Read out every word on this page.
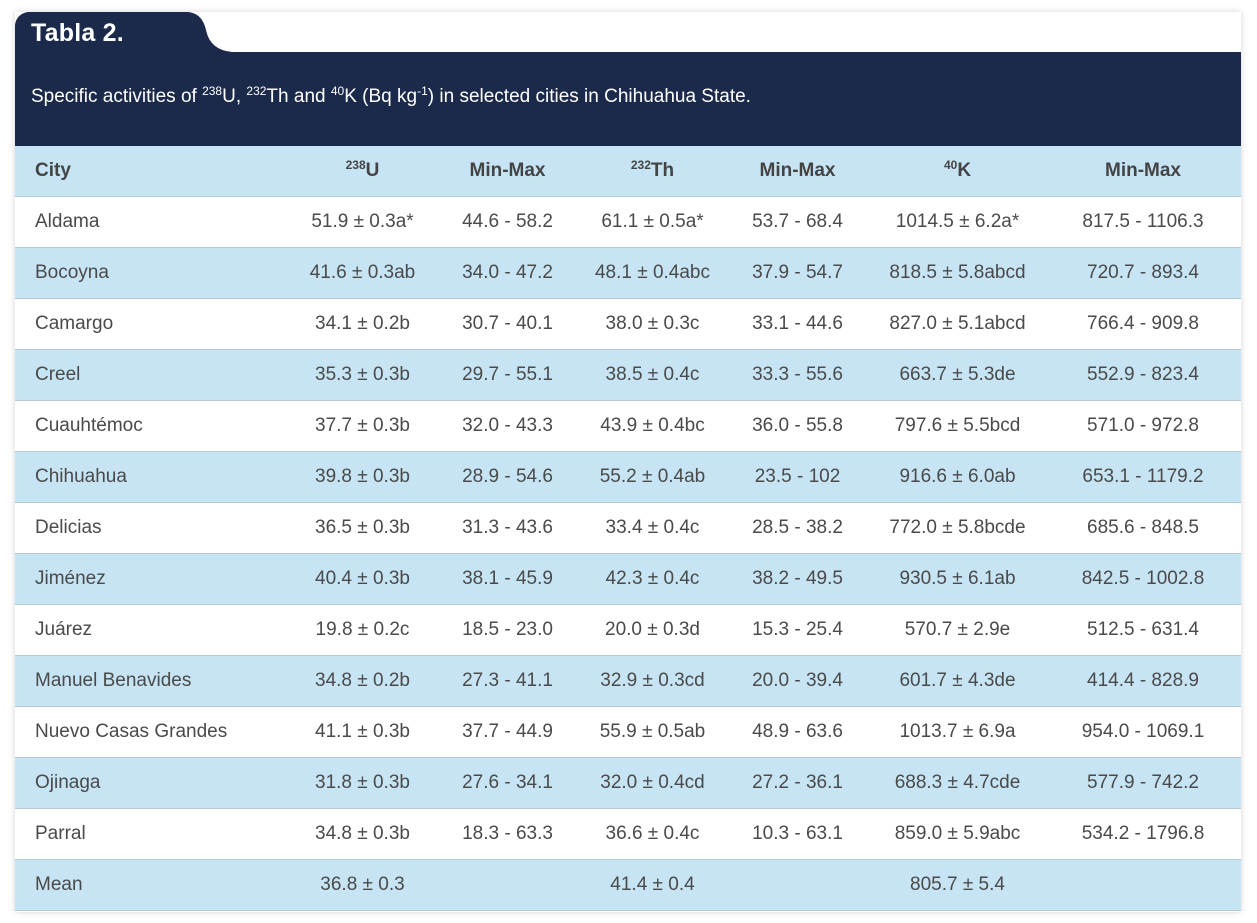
Tabla 2.
Specific activities of $^{238}$U, $^{232}$Th and $^{40}$K (Bq $kg^{-1}$) in selected cities in Chihuahua State.
City	$^{238}$U	Min-Max	$^{232}$Th	Min-Max	$^{40}$K	Min-Max
Aldama	51.9 ± 0.3a*	44.6 - 58.2	61.1 ± 0.5a*	53.7 - 68.4	1014.5 ± 6.2a*	817.5 - 1106.3
Bocoyna	41.6 ± 0.3ab	34.0 - 47.2	48.1 ± 0.4abc	37.9 - 54.7	818.5 ± 5.8abcd	720.7 - 893.4
Camargo	34.1 ± 0.2b	30.7 - 40.1	38.0 ± 0.3c	33.1 - 44.6	827.0 ± 5.1abcd	766.4 - 909.8
Creel	35.3 ± 0.3b	29.7 - 55.1	38.5 ± 0.4c	33.3 - 55.6	663.7 ± 5.3de	552.9 - 823.4
Cuauhtémoc	37.7 ± 0.3b	32.0 - 43.3	43.9 ± 0.4bc	36.0 - 55.8	797.6 ± 5.5bcd	571.0 - 972.8
Chihuahua	39.8 ± 0.3b	28.9 - 54.6	55.2 ± 0.4ab	23.5 - 102	916.6 ± 6.0ab	653.1 - 1179.2
Delicias	36.5 ± 0.3b	31.3 - 43.6	33.4 ± 0.4c	28.5 - 38.2	772.0 ± 5.8bcde	685.6 - 848.5
Jiménez	40.4 ± 0.3b	38.1 - 45.9	42.3 ± 0.4c	38.2 - 49.5	930.5 ± 6.1ab	842.5 - 1002.8
Juárez	19.8 ± 0.2c	18.5 - 23.0	20.0 ± 0.3d	15.3 - 25.4	570.7 ± 2.9e	512.5 - 631.4
Manuel Benavides	34.8 ± 0.2b	27.3 - 41.1	32.9 ± 0.3cd	20.0 - 39.4	601.7 ± 4.3de	414.4 - 828.9
Nuevo Casas Grandes	41.1 ± 0.3b	37.7 - 44.9	55.9 ± 0.5ab	48.9 - 63.6	1013.7 ± 6.9a	954.0 - 1069.1
Ojinaga	31.8 ± 0.3b	27.6 - 34.1	32.0 ± 0.4cd	27.2 - 36.1	688.3 ± 4.7cde	577.9 - 742.2
Parral	34.8 ± 0.3b	18.3 - 63.3	36.6 ± 0.4c	10.3 - 63.1	859.0 ± 5.9abc	534.2 - 1796.8
Mean	36.8 ± 0.3		41.4 ± 0.4		805.7 ± 5.4	
